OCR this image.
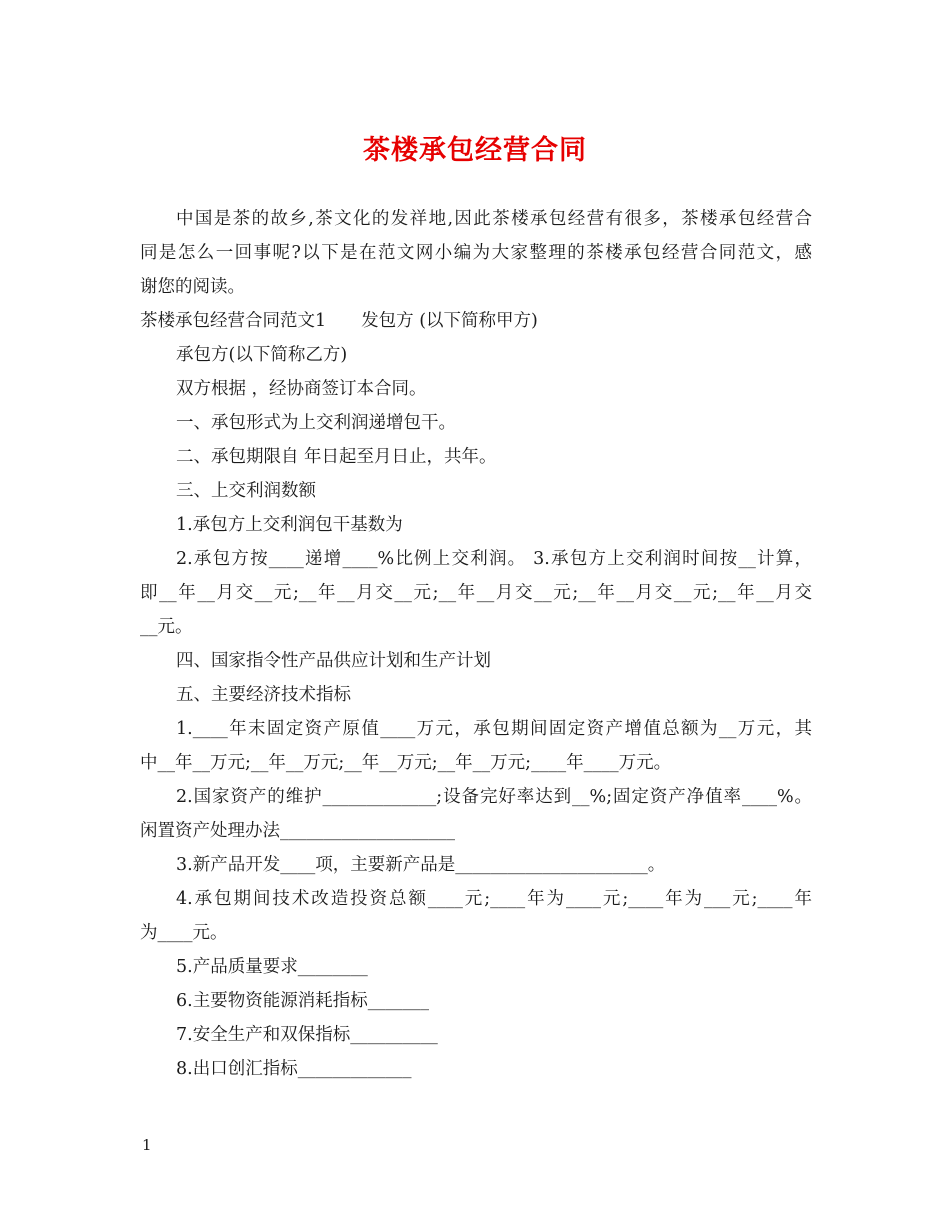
茶楼承包经营合同

中国是茶的故乡,茶文化的发祥地,因此茶楼承包经营有很多，茶楼承包经营合

同是怎么一回事呢?以下是在范文网小编为大家整理的茶楼承包经营合同范文，感

谢您的阅读。

茶楼承包经营合同范文1　　发包方 (以下简称甲方)

承包方(以下简称乙方)

双方根据 ，经协商签订本合同。

一、承包形式为上交利润递增包干。

二、承包期限自 年日起至月日止，共年。

三、上交利润数额

1.承包方上交利润包干基数为

2.承包方按____递增____%比例上交利润。 3.承包方上交利润时间按__计算，

即__年__月交__元;__年__月交__元;__年__月交__元;__年__月交__元;__年__月交

__元。

四、国家指令性产品供应计划和生产计划

五、主要经济技术指标

1.____年末固定资产原值____万元，承包期间固定资产增值总额为__万元，其

中__年__万元;__年__万元;__年__万元;__年__万元;____年____万元。

2.国家资产的维护_____________;设备完好率达到__%;固定资产净值率____%。

闲置资产处理办法____________________

3.新产品开发____项，主要新产品是______________________。

4.承包期间技术改造投资总额____元;____年为____元;____年为___元;____年

为____元。

5.产品质量要求________

6.主要物资能源消耗指标_______

7.安全生产和双保指标__________

8.出口创汇指标_____________

1
